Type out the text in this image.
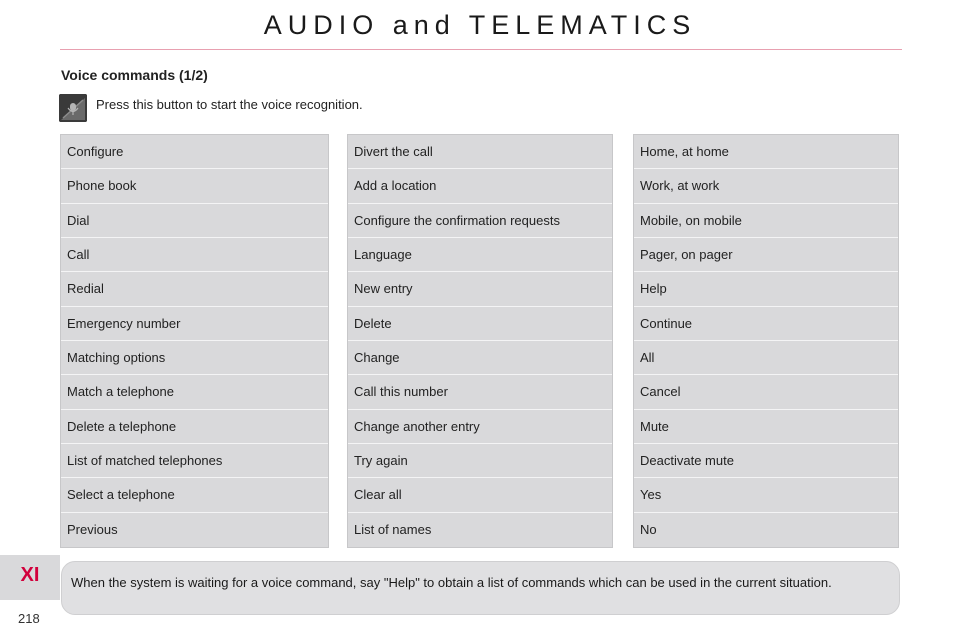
AUDIO and TELEMATICS
Voice commands (1/2)
Press this button to start the voice recognition.
Configure
Phone book
Dial
Call
Redial
Emergency number
Matching options
Match a telephone
Delete a telephone
List of matched telephones
Select a telephone
Previous
Divert the call
Add a location
Configure the confirmation requests
Language
New entry
Delete
Change
Call this number
Change another entry
Try again
Clear all
List of names
Home, at home
Work, at work
Mobile, on mobile
Pager, on pager
Help
Continue
All
Cancel
Mute
Deactivate mute
Yes
No
XI
218
When the system is waiting for a voice command, say "Help" to obtain a list of commands which can be used in the current situation.
